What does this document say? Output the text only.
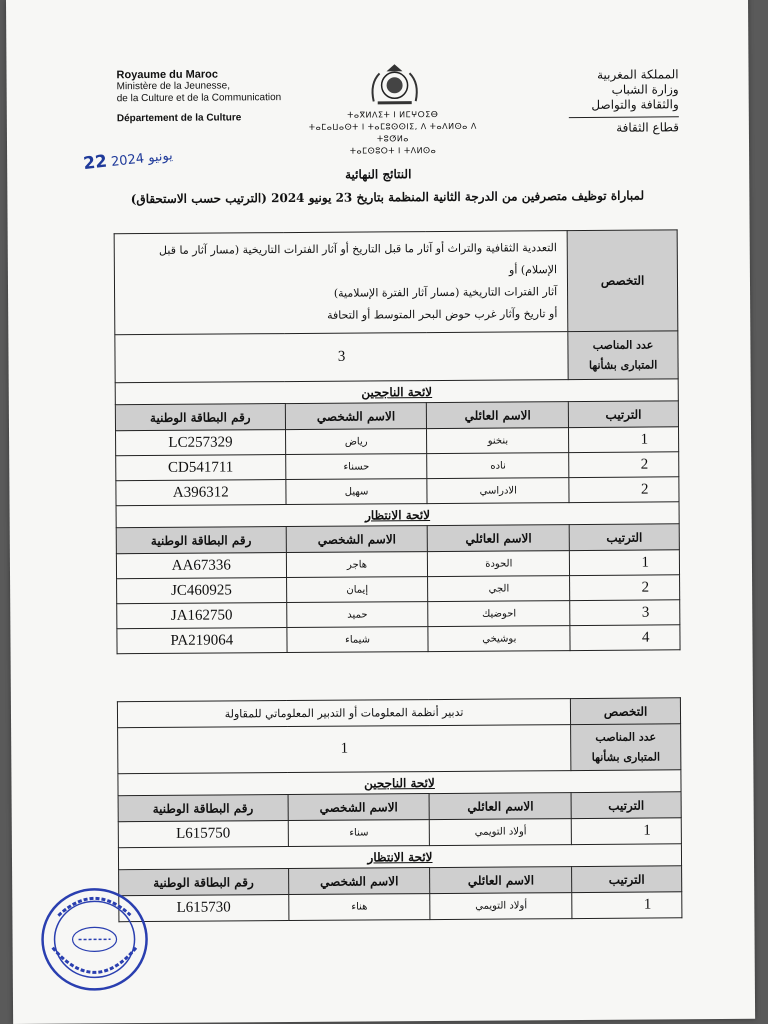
Royaume du Maroc
Ministère de la Jeunesse,
de la Culture et de la Communication
Département de la Culture	ⵜⴰⴳⵍⴷⵉⵜ ⵏ ⵍⵎⵖⵔⵉⴱ
ⵜⴰⵎⴰⵡⴰⵙⵜ ⵏ ⵜⴰⵎⵓⵙⵙⵏⵉ, ⴷ ⵜⴰⴷⵍⵙⴰ ⴷ ⵜⵓⵚⵍⴰ
ⵜⴰⵎⵙⵓⵔⵜ ⵏ ⵜⴷⵍⵙⴰ
المملكة المغربية
وزارة الشباب
والثقافة والتواصل
قطاع الثقافة
22 يونيو 2024
النتائج النهائية
لمباراة توظيف متصرفين من الدرجة الثانية المنظمة بتاريخ 23 يونيو 2024 (الترتيب حسب الاستحقاق)
التخصص	التعددية الثقافية والتراث أو آثار ما قبل التاريخ أو آثار الفترات التاريخية (مسار آثار ما قبل الإسلام) أو
آثار الفترات التاريخية (مسار آثار الفترة الإسلامية)
أو تاريخ وآثار غرب حوض البحر المتوسط أو التحافة		

عدد المناصب المتبارى بشأنها	3		
لائحة الناجحين			
الترتيب	الاسم العائلي	الاسم الشخصي	رقم البطاقة الوطنية
1	بنخنو	رياض	LC257329
2	ناده	حسناء	CD541711
2	الادراسي	سهيل	A396312
لائحة الانتظار			
الترتيب	الاسم العائلي	الاسم الشخصي	رقم البطاقة الوطنية
1	الحودة	هاجر	AA67336
2	الجي	إيمان	JC460925
3	احوضيك	حميد	JA162750
4	بوشيخي	شيماء	PA219064
التخصص	تدبير أنظمة المعلومات أو التدبير المعلوماتي للمقاولة		
عدد المناصب المتبارى بشأنها	1		
لائحة الناجحين			
الترتيب	الاسم العائلي	الاسم الشخصي	رقم البطاقة الوطنية
1	أولاد التويمي	سناء	L615750
لائحة الانتظار			
الترتيب	الاسم العائلي	الاسم الشخصي	رقم البطاقة الوطنية
1	أولاد التويمي	هناء	L615730
